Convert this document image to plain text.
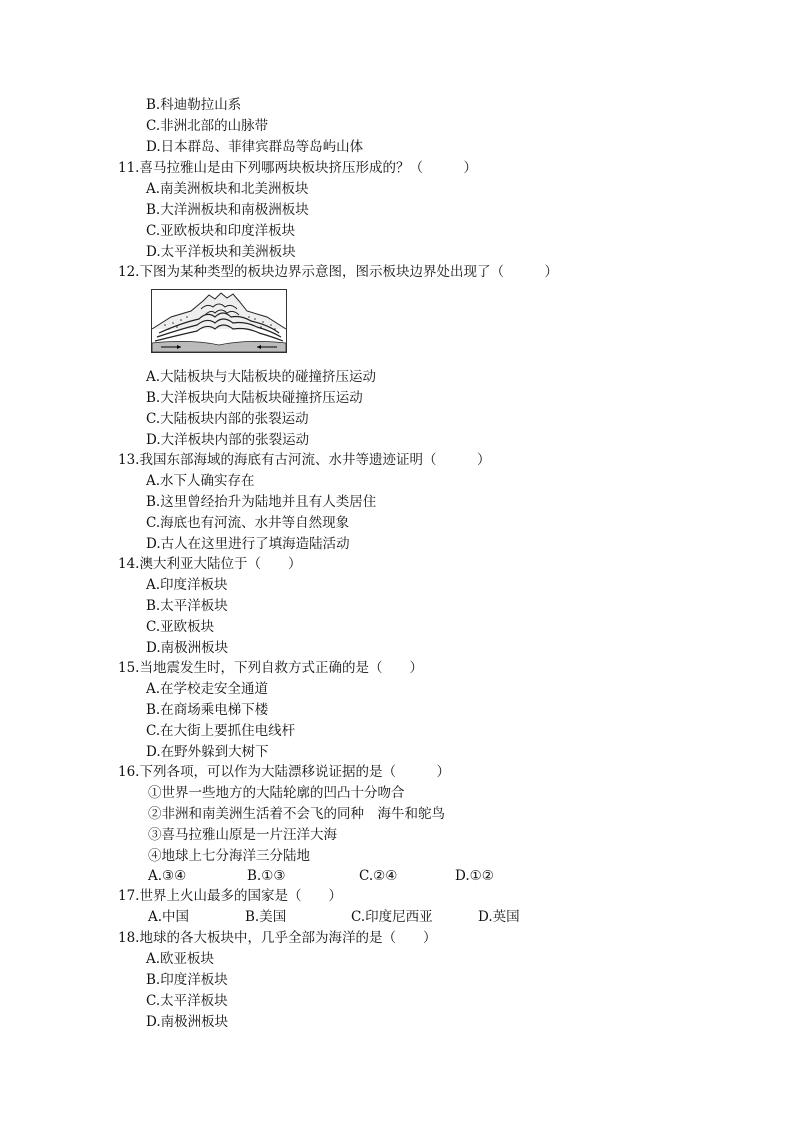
B.科迪勒拉山系
C.非洲北部的山脉带
D.日本群岛、菲律宾群岛等岛屿山体
11.喜马拉雅山是由下列哪两块板块挤压形成的？（　　　）
A.南美洲板块和北美洲板块
B.大洋洲板块和南极洲板块
C.亚欧板块和印度洋板块
D.太平洋板块和美洲板块
12.下图为某种类型的板块边界示意图，图示板块边界处出现了（　　　）
A.大陆板块与大陆板块的碰撞挤压运动
B.大洋板块向大陆板块碰撞挤压运动
C.大陆板块内部的张裂运动
D.大洋板块内部的张裂运动
13.我国东部海域的海底有古河流、水井等遗迹证明（　　　）
A.水下人确实存在
B.这里曾经抬升为陆地并且有人类居住
C.海底也有河流、水井等自然现象
D.古人在这里进行了填海造陆活动
14.澳大利亚大陆位于（　　）
A.印度洋板块
B.太平洋板块
C.亚欧板块
D.南极洲板块
15.当地震发生时，下列自救方式正确的是（　　）
A.在学校走安全通道
B.在商场乘电梯下楼
C.在大街上要抓住电线杆
D.在野外躲到大树下
16.下列各项，可以作为大陆漂移说证据的是（　　　）
①世界一些地方的大陆轮廓的凹凸十分吻合
②非洲和南美洲生活着不会飞的同种　海牛和鸵鸟
③喜马拉雅山原是一片汪洋大海
④地球上七分海洋三分陆地
A.③④	B.①③	C.②④	D.①②
17.世界上火山最多的国家是（　　）
A.中国	B.美国	C.印度尼西亚	D.英国
18.地球的各大板块中，几乎全部为海洋的是（　　）
A.欧亚板块
B.印度洋板块
C.太平洋板块
D.南极洲板块
